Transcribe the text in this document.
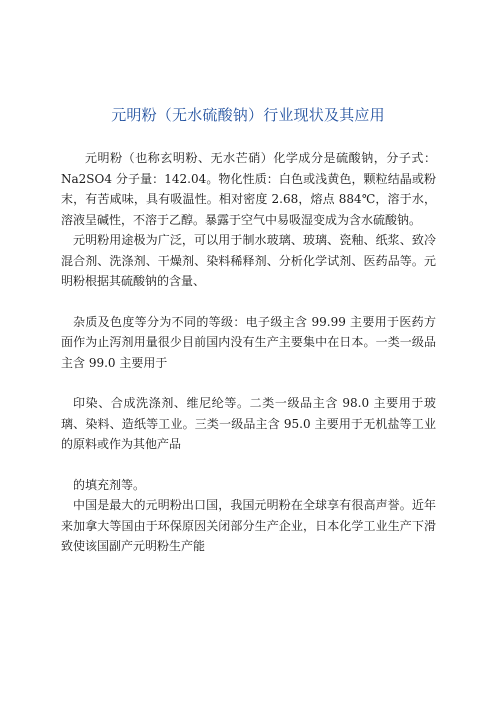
元明粉（无水硫酸钠）行业现状及其应用

元明粉（也称玄明粉、无水芒硝）化学成分是硫酸钠，分子式：Na2SO4 分子量：142.04。物化性质：白色或浅黄色，颗粒结晶或粉末，有苦咸味，具有吸温性。相对密度 2.68，熔点 884℃，溶于水，溶液呈碱性，不溶于乙醇。暴露于空气中易吸湿变成为含水硫酸钠。

元明粉用途极为广泛，可以用于制水玻璃、玻璃、瓷釉、纸浆、致冷混合剂、洗涤剂、干燥剂、染料稀释剂、分析化学试剂、医药品等。元明粉根据其硫酸钠的含量、

杂质及色度等分为不同的等级：电子级主含 99.99 主要用于医药方面作为止泻剂用量很少目前国内没有生产主要集中在日本。一类一级品主含 99.0 主要用于

印染、合成洗涤剂、维尼纶等。二类一级品主含 98.0 主要用于玻璃、染料、造纸等工业。三类一级品主含 95.0 主要用于无机盐等工业的原料或作为其他产品

的填充剂等。

中国是最大的元明粉出口国，我国元明粉在全球享有很高声誉。近年来加拿大等国由于环保原因关闭部分生产企业，日本化学工业生产下滑致使该国副产元明粉生产能
